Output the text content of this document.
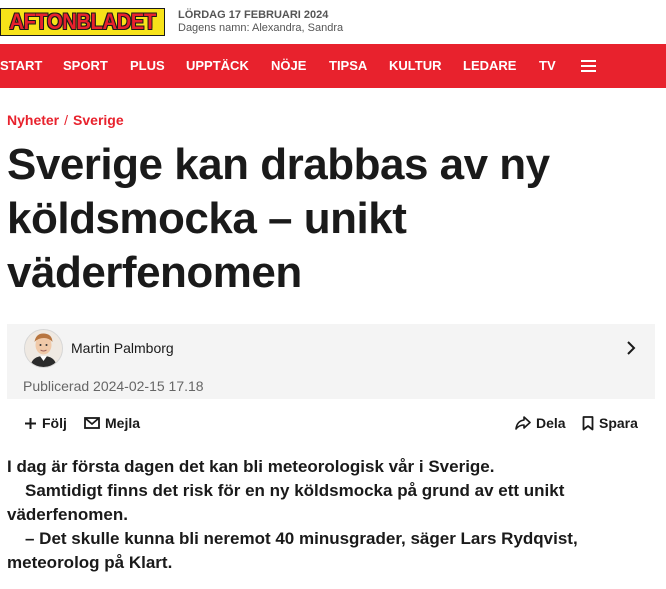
AFTONBLADET LÖRDAG 17 FEBRUARI 2024
Dagens namn: Alexandra, Sandra
START SPORT PLUS UPPTÄCK NÖJE TIPSA KULTUR LEDARE TV
Nyheter / Sverige
Sverige kan drabbas av ny köldsmocka – unikt väderfenomen
Martin Palmborg
Publicerad 2024-02-15 17.18
Följ	Mejla	Dela Spara

I dag är första dagen det kan bli meteorologisk vår i Sverige.

Samtidigt finns det risk för en ny köldsmocka på grund av ett unikt väderfenomen.

– Det skulle kunna bli neremot 40 minusgrader, säger Lars Rydqvist, meteorolog på Klart.
